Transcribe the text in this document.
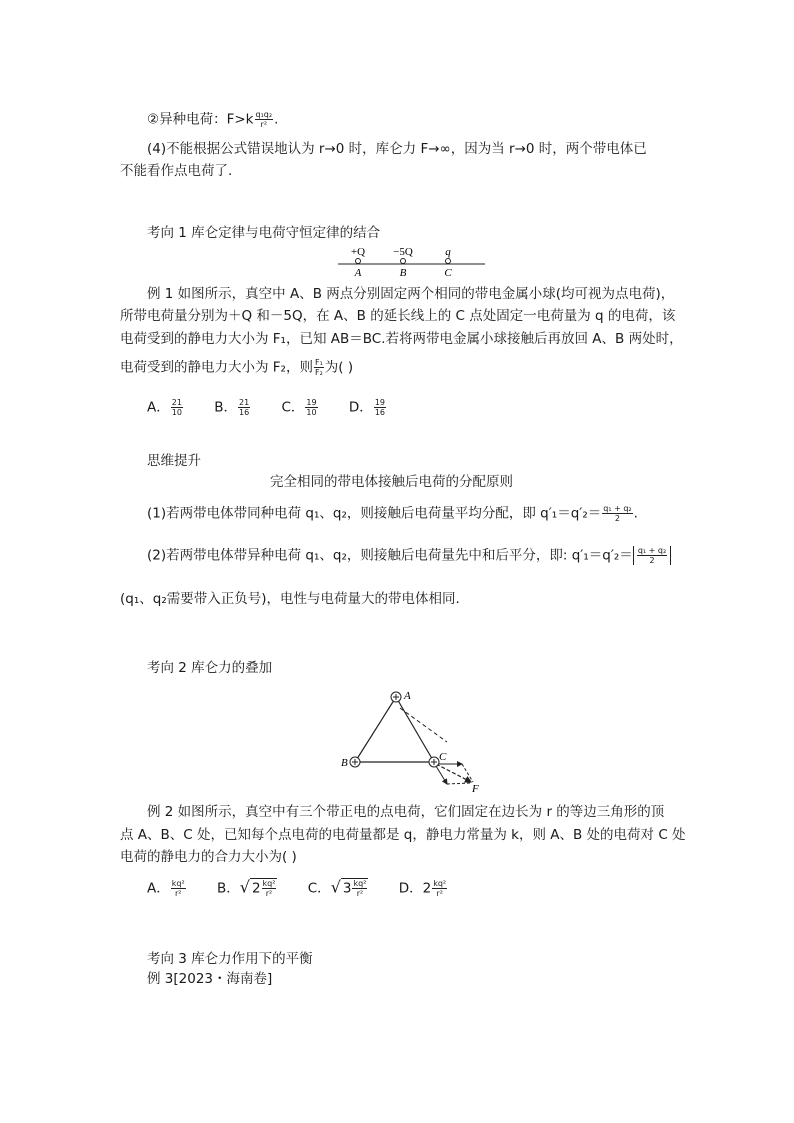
②异种电荷：$F>k \frac{\text{q₁q₂}}{\text{r²}}$ .
(4)不能根据公式错误地认为 r→0 时，库仑力 F→∞，因为当 r→0 时，两个带电体已
不能看作点电荷了.
考向 1 库仑定律与电荷守恒定律的结合
+Q	−5Q	q
A	B	C
例 1 如图所示，真空中 A、B 两点分别固定两个相同的带电金属小球(均可视为点电荷)，
所带电荷量分别为＋Q 和－5Q，在 A、B 的延长线上的 C 点处固定一电荷量为 q 的电荷，该
电荷受到的静电力大小为 F₁，已知 AB＝BC.若将两带电金属小球接触后再放回 A、B 两处时，
电荷受到的静电力大小为 F₂，则 $\frac{\text{F₁}}{\text{F₂}}$ 为( )
A． $\frac{21}{10}$ B． $\frac{21}{16}$ C． $\frac{19}{10}$ D． $\frac{19}{16}$
思维提升
完全相同的带电体接触后电荷的分配原则
(1)若两带电体带同种电荷 q₁、q₂，则接触后电荷量平均分配，即 $q'_1=q'_2= \frac{\text{q₁ + q₂}}{2}$ .
(2)若两带电体带异种电荷 q₁、q₂，则接触后电荷量先中和后平分，即: $q'_1=q'_2= \frac{\text{q₁ + q₂}}{2}$
(q₁、q₂需要带入正负号)，电性与电荷量大的带电体相同.
考向 2 库仑力的叠加
A
B	C
F
例 2 如图所示，真空中有三个带正电的点电荷，它们固定在边长为 r 的等边三角形的顶
点 A、B、C 处，已知每个点电荷的电荷量都是 q，静电力常量为 k，则 A、B 处的电荷对 C 处
电荷的静电力的合力大小为( )
A． $\frac{\text{kq²}}{\text{r²}}$ B．√ $2 \frac{\text{kq²}}{\text{r²}}$ C．√ $3 \frac{\text{kq²}}{\text{r²}}$ D．$2 \frac{\text{kq²}}{\text{r²}}$
考向 3 库仑力作用下的平衡
例 3[2023・海南卷]
